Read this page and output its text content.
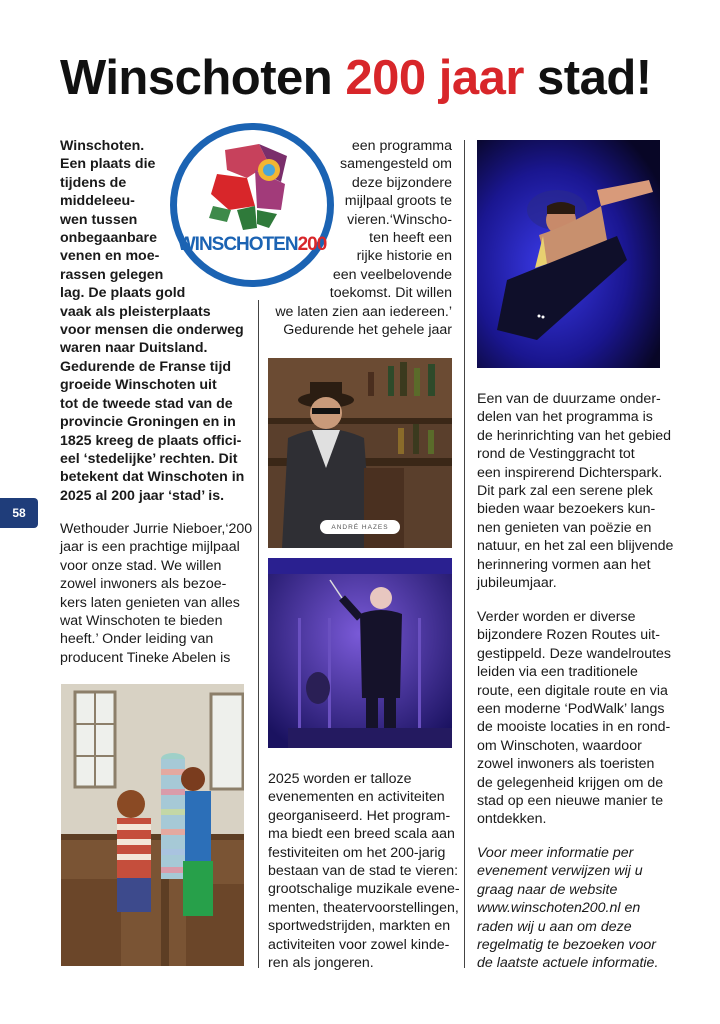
Winschoten 200 jaar stad!

Winschoten.

Een plaats die

tijdens de

middeleeu-

wen tussen

onbegaanbare

venen en moe-

rassen gelegen

lag. De plaats gold

vaak als pleisterplaats

voor mensen die onderweg

waren naar Duitsland.

Gedurende de Franse tijd

groeide Winschoten uit

tot de tweede stad van de

provincie Groningen en in

1825 kreeg de plaats offici-

eel ‘stedelijke’ rechten. Dit

betekent dat Winschoten in

2025 al 200 jaar ‘stad’ is.

Wethouder Jurrie Nieboer,‘200

jaar is een prachtige mijlpaal

voor onze stad. We willen

zowel inwoners als bezoe-

kers laten genieten van alles

wat Winschoten te bieden

heeft.’ Onder leiding van

producent Tineke Abelen is

58
WINSCHOTEN200

een programma

samengesteld om

deze bijzondere

mijlpaal groots te

vieren.‘Winscho-

ten heeft een

rijke historie en

een veelbelovende

toekomst. Dit willen

we laten zien aan iedereen.’

Gedurende het gehele jaar

ANDRÉ HAZES

2025 worden er talloze

evenementen en activiteiten

georganiseerd. Het program-

ma biedt een breed scala aan

festiviteiten om het 200-jarig

bestaan van de stad te vieren:

grootschalige muzikale evene-

menten, theatervoorstellingen,

sportwedstrijden, markten en

activiteiten voor zowel kinde-

ren als jongeren.

Een van de duurzame onder-

delen van het programma is

de herinrichting van het gebied

rond de Vestinggracht tot

een inspirerend Dichterspark.

Dit park zal een serene plek

bieden waar bezoekers kun-

nen genieten van poëzie en

natuur, en het zal een blijvende

herinnering vormen aan het

jubileumjaar.

Verder worden er diverse

bijzondere Rozen Routes uit-

gestippeld. Deze wandelroutes

leiden via een traditionele

route, een digitale route en via

een moderne ‘PodWalk’ langs

de mooiste locaties in en rond-

om Winschoten, waardoor

zowel inwoners als toeristen

de gelegenheid krijgen om de

stad op een nieuwe manier te

ontdekken.

Voor meer informatie per

evenement verwijzen wij u

graag naar de website

www.winschoten200.nl en

raden wij u aan om deze

regelmatig te bezoeken voor

de laatste actuele informatie.
